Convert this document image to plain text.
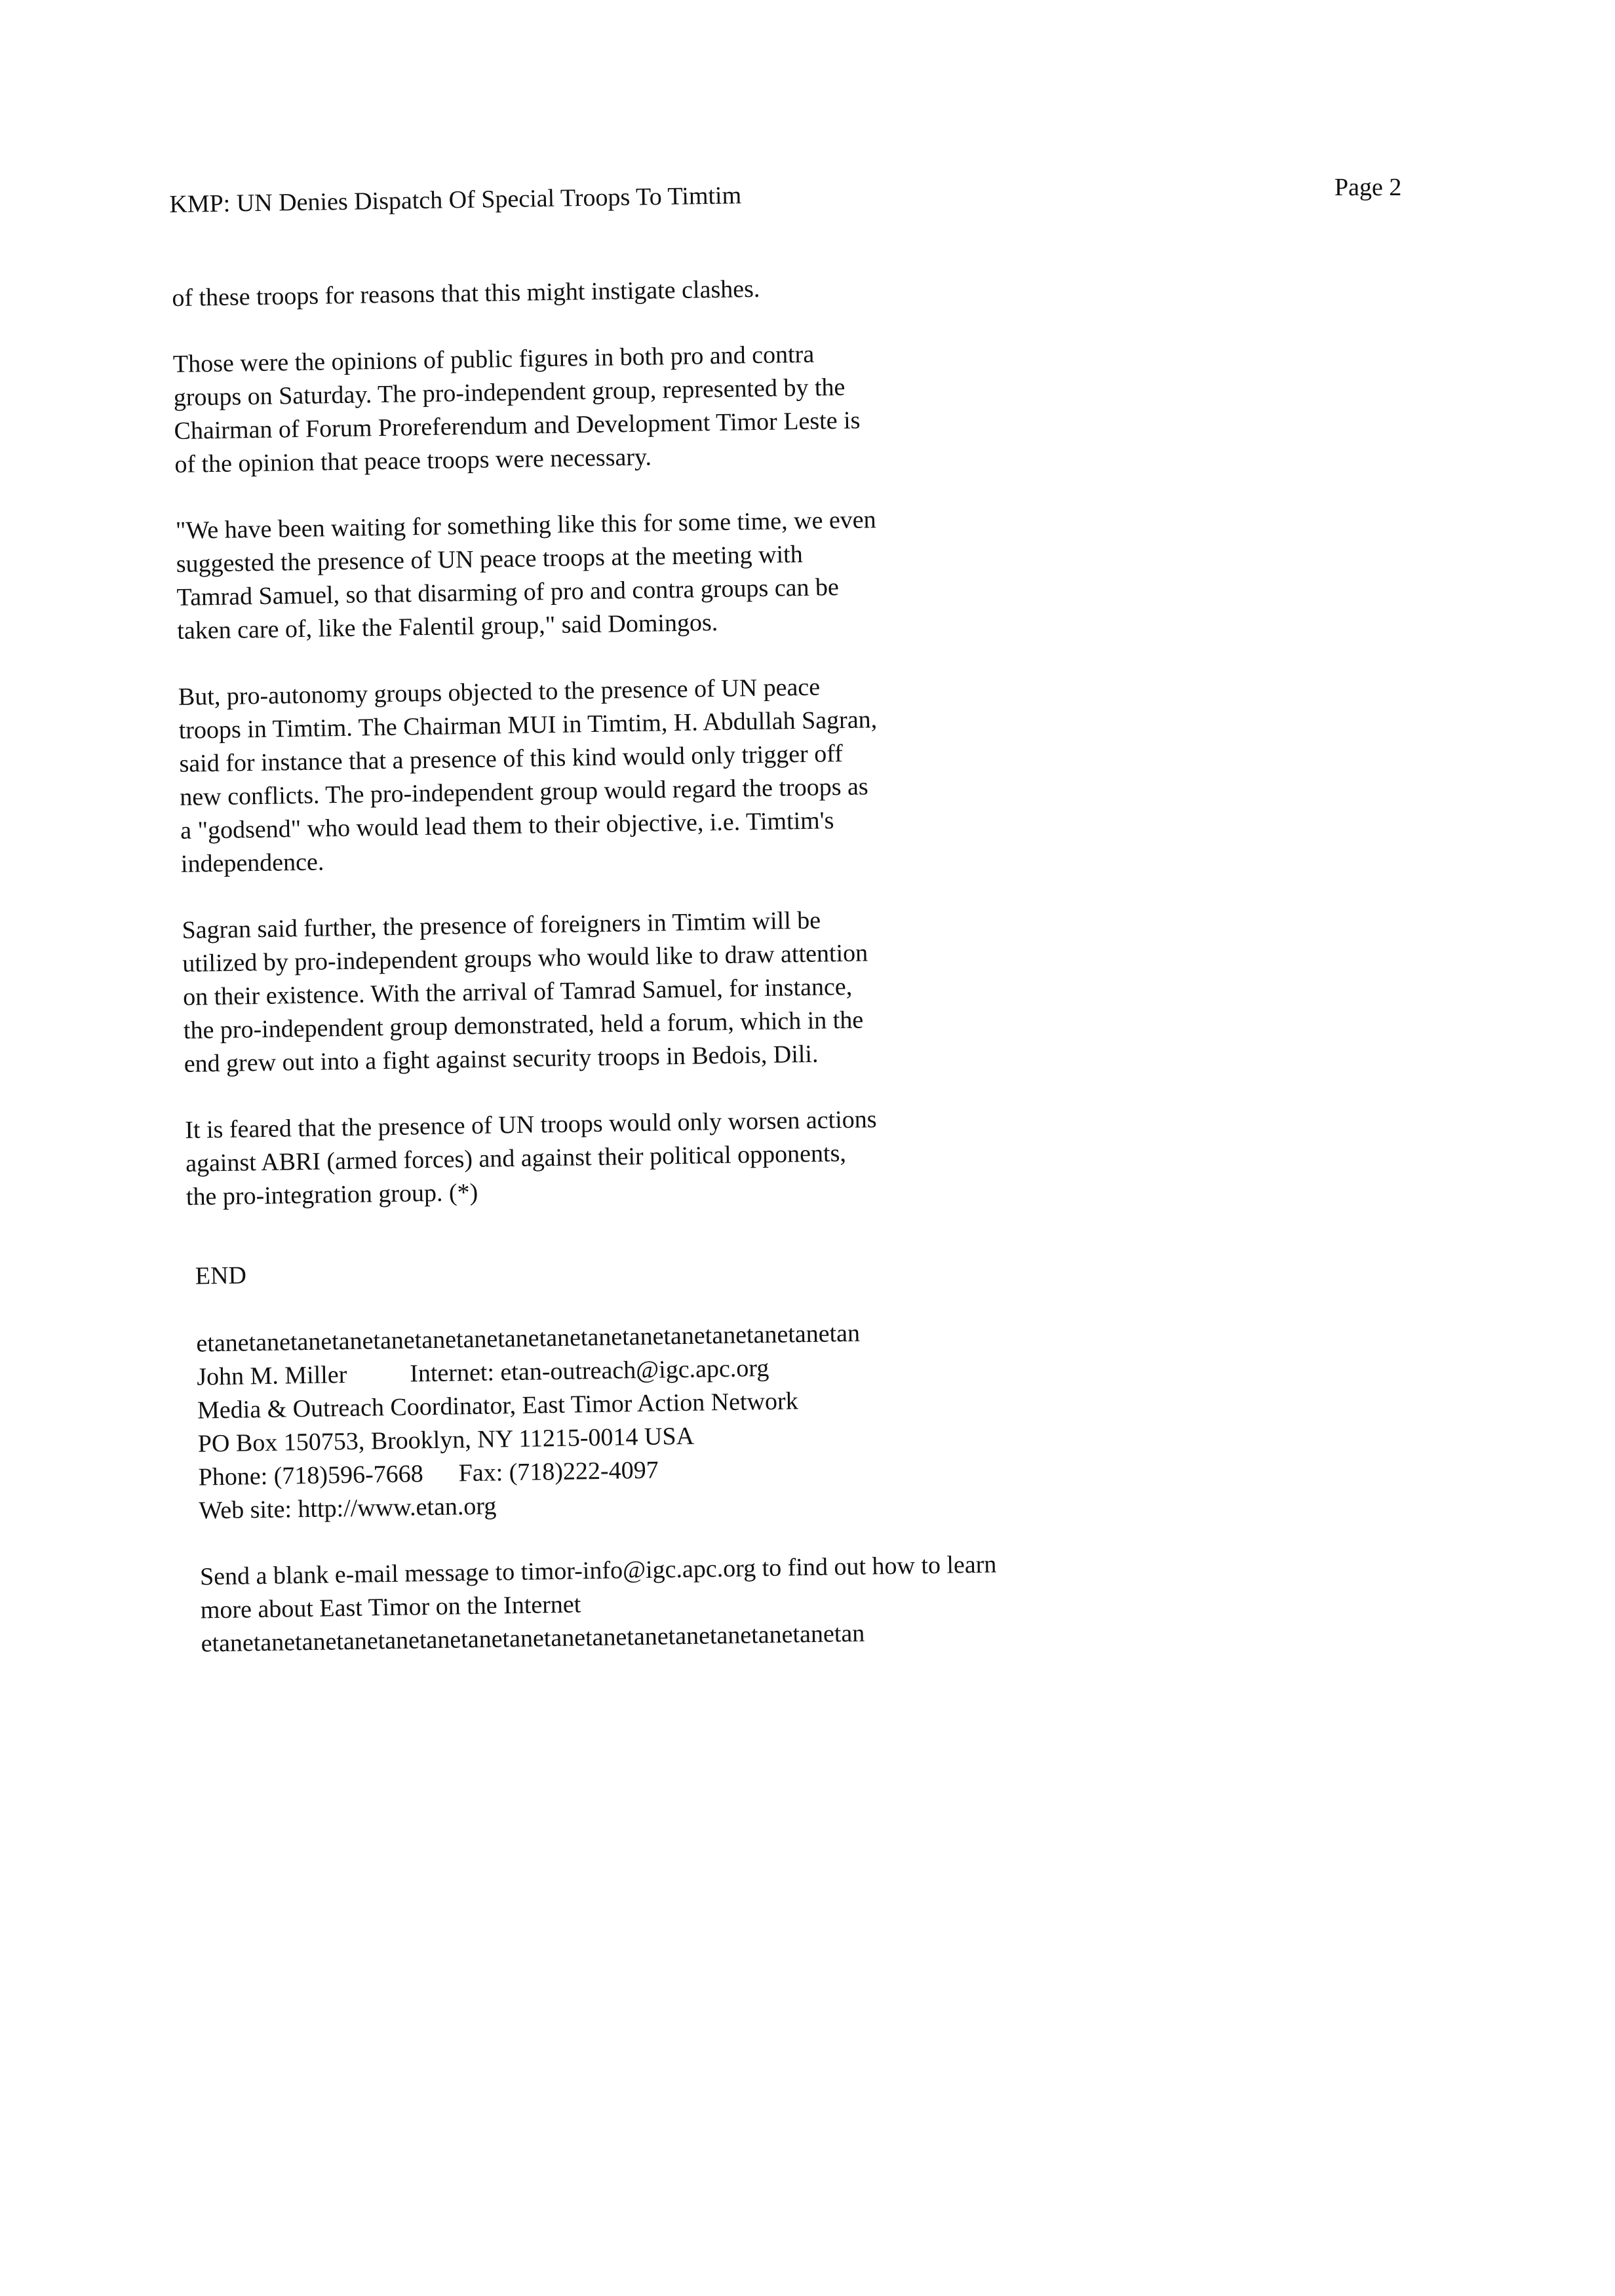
KMP: UN Denies Dispatch Of Special Troops To Timtim	Page 2
of these troops for reasons that this might instigate clashes.
Those were the opinions of public figures in both pro and contra
groups on Saturday. The pro-independent group, represented by the
Chairman of Forum Proreferendum and Development Timor Leste is
of the opinion that peace troops were necessary.
"We have been waiting for something like this for some time, we even
suggested the presence of UN peace troops at the meeting with
Tamrad Samuel, so that disarming of pro and contra groups can be
taken care of, like the Falentil group," said Domingos.
But, pro-autonomy groups objected to the presence of UN peace
troops in Timtim. The Chairman MUI in Timtim, H. Abdullah Sagran,
said for instance that a presence of this kind would only trigger off
new conflicts. The pro-independent group would regard the troops as
a "godsend" who would lead them to their objective, i.e. Timtim's
independence.
Sagran said further, the presence of foreigners in Timtim will be
utilized by pro-independent groups who would like to draw attention
on their existence. With the arrival of Tamrad Samuel, for instance,
the pro-independent group demonstrated, held a forum, which in the
end grew out into a fight against security troops in Bedois, Dili.
It is feared that the presence of UN troops would only worsen actions
against ABRI (armed forces) and against their political opponents,
the pro-integration group. (*)
END
etanetanetanetanetanetanetanetanetanetanetanetanetanetanetanetan
John M. Miller	Internet: etan-outreach@igc.apc.org
Media & Outreach Coordinator, East Timor Action Network
PO Box 150753, Brooklyn, NY 11215-0014 USA
Phone: (718)596-7668 Fax: (718)222-4097
Web site: http://www.etan.org
Send a blank e-mail message to timor-info@igc.apc.org to find out how to learn
more about East Timor on the Internet
etanetanetanetanetanetanetanetanetanetanetanetanetanetanetanetan
